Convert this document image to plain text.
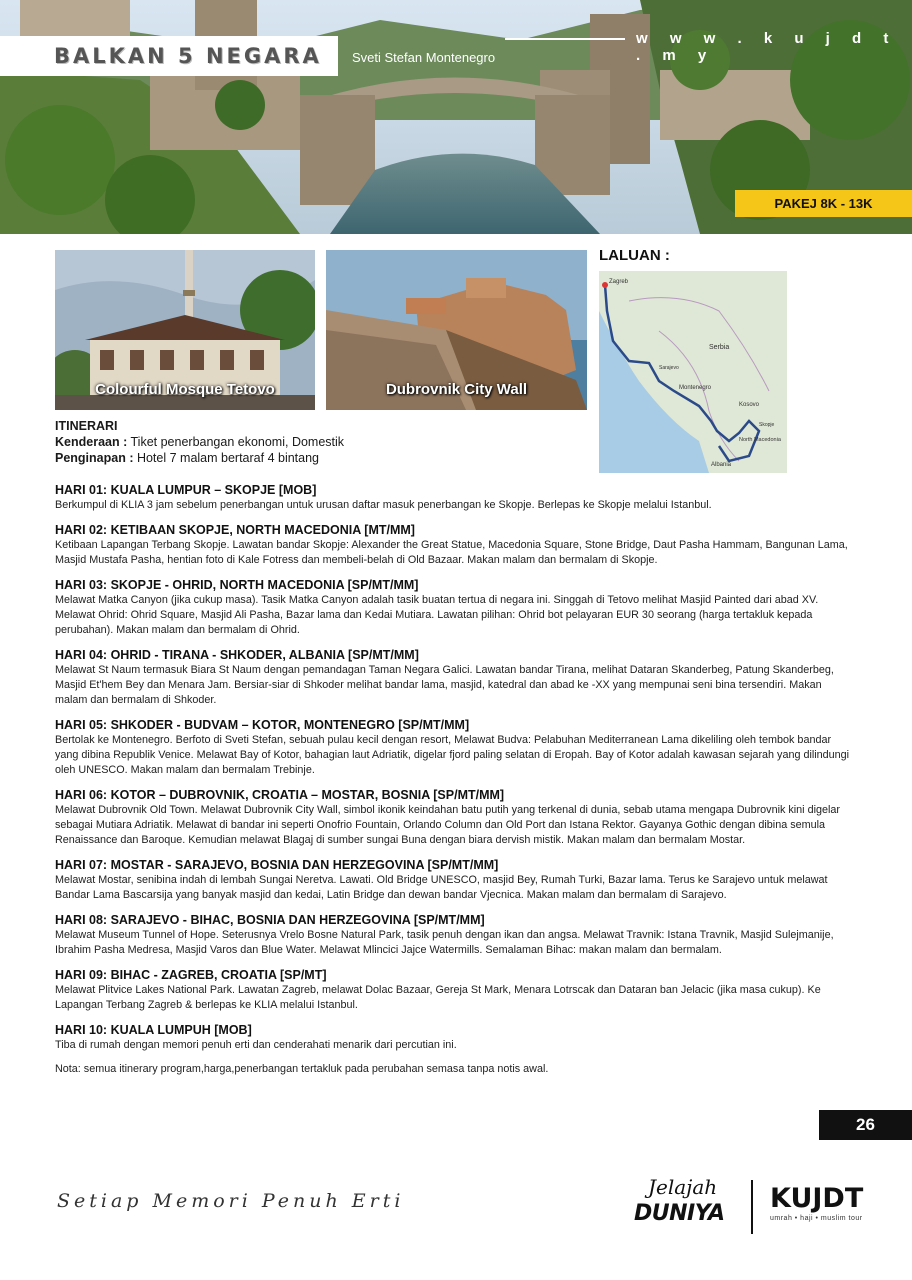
BALKAN 5 NEGARA Sveti Stefan Montenegro
w w w . k u j d t . m y
PAKEJ 8K - 13K
Colourful Mosque Tetovo	Dubrovnik City Wall
LALUAN :
Zagreb
Serbia
Montenegro
Kosovo
North Macedonia
Albania
Sarajevo
Skopje
ITINERARI
Kenderaan : Tiket penerbangan ekonomi, Domestik
Penginapan : Hotel 7 malam bertaraf 4 bintang
HARI 01: KUALA LUMPUR – SKOPJE [MOB]
Berkumpul di KLIA 3 jam sebelum penerbangan untuk urusan daftar masuk penerbangan ke Skopje. Berlepas ke Skopje melalui Istanbul.
HARI 02: KETIBAAN SKOPJE, NORTH MACEDONIA [MT/MM]
Ketibaan Lapangan Terbang Skopje. Lawatan bandar Skopje: Alexander the Great Statue, Macedonia Square, Stone Bridge, Daut Pasha Hammam, Bangunan Lama, Masjid Mustafa Pasha, hentian foto di Kale Fotress dan membeli-belah di Old Bazaar. Makan malam dan bermalam di Skopje.
HARI 03: SKOPJE - OHRID, NORTH MACEDONIA [SP/MT/MM]
Melawat Matka Canyon (jika cukup masa). Tasik Matka Canyon adalah tasik buatan tertua di negara ini. Singgah di Tetovo melihat Masjid Painted dari abad XV. Melawat Ohrid: Ohrid Square, Masjid Ali Pasha, Bazar lama dan Kedai Mutiara. Lawatan pilihan: Ohrid bot pelayaran EUR 30 seorang (harga tertakluk kepada perubahan). Makan malam dan bermalam di Ohrid.
HARI 04: OHRID - TIRANA - SHKODER, ALBANIA [SP/MT/MM]
Melawat St Naum termasuk Biara St Naum dengan pemandagan Taman Negara Galici. Lawatan bandar Tirana, melihat Dataran Skanderbeg, Patung Skanderbeg, Masjid Et'hem Bey dan Menara Jam. Bersiar-siar di Shkoder melihat bandar lama, masjid, katedral dan abad ke -XX yang mempunai seni bina tersendiri. Makan malam dan bermalam di Shkoder.
HARI 05: SHKODER - BUDVAM – KOTOR, MONTENEGRO [SP/MT/MM]
Bertolak ke Montenegro. Berfoto di Sveti Stefan, sebuah pulau kecil dengan resort, Melawat Budva: Pelabuhan Mediterranean Lama dikeliling oleh tembok bandar yang dibina Republik Venice. Melawat Bay of Kotor, bahagian laut Adriatik, digelar fjord paling selatan di Eropah. Bay of Kotor adalah kawasan sejarah yang dilindungi oleh UNESCO. Makan malam dan bermalam Trebinje.
HARI 06: KOTOR – DUBROVNIK, CROATIA – MOSTAR, BOSNIA [SP/MT/MM]
Melawat Dubrovnik Old Town. Melawat Dubrovnik City Wall, simbol ikonik keindahan batu putih yang terkenal di dunia, sebab utama mengapa Dubrovnik kini digelar sebagai Mutiara Adriatik. Melawat di bandar ini seperti Onofrio Fountain, Orlando Column dan Old Port dan Istana Rektor. Gayanya Gothic dengan dibina semula Renaissance dan Baroque. Kemudian melawat Blagaj di sumber sungai Buna dengan biara dervish mistik. Makan malam dan bermalam Mostar.
HARI 07: MOSTAR - SARAJEVO, BOSNIA DAN HERZEGOVINA [SP/MT/MM]
Melawat Mostar, senibina indah di lembah Sungai Neretva. Lawati. Old Bridge UNESCO, masjid Bey, Rumah Turki, Bazar lama. Terus ke Sarajevo untuk melawat Bandar Lama Bascarsija yang banyak masjid dan kedai, Latin Bridge dan dewan bandar Vjecnica. Makan malam dan bermalam di Sarajevo.
HARI 08: SARAJEVO - BIHAC, BOSNIA DAN HERZEGOVINA [SP/MT/MM]
Melawat Museum Tunnel of Hope. Seterusnya Vrelo Bosne Natural Park, tasik penuh dengan ikan dan angsa. Melawat Travnik: Istana Travnik, Masjid Sulejmanije, Ibrahim Pasha Medresa, Masjid Varos dan Blue Water. Melawat Mlincici Jajce Watermills. Semalaman Bihac: makan malam dan bermalam.
HARI 09: BIHAC - ZAGREB, CROATIA [SP/MT]
Melawat Plitvice Lakes National Park. Lawatan Zagreb, melawat Dolac Bazaar, Gereja St Mark, Menara Lotrscak dan Dataran ban Jelacic (jika masa cukup). Ke Lapangan Terbang Zagreb & berlepas ke KLIA melalui Istanbul.
HARI 10: KUALA LUMPUH [MOB]
Tiba di rumah dengan memori penuh erti dan cenderahati menarik dari percutian ini.
Nota: semua itinerary program,harga,penerbangan tertakluk pada perubahan semasa tanpa notis awal.
26
Setiap Memori Penuh Erti
Jelajah
DUNIYA KUJDT
umrah • haji • muslim tour
